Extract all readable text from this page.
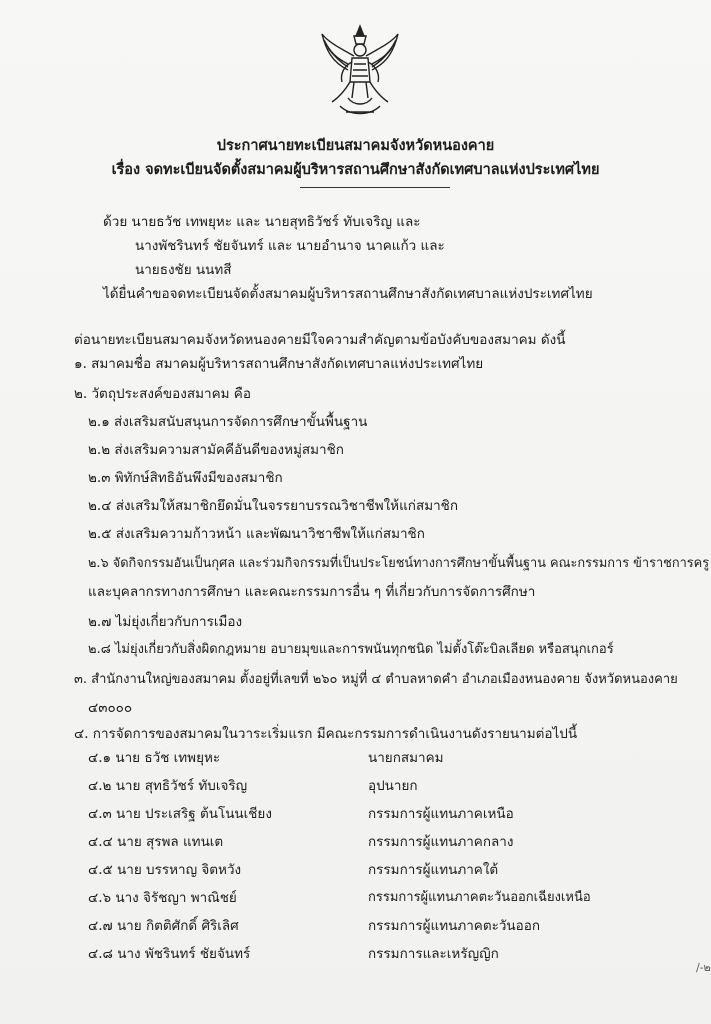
ประกาศนายทะเบียนสมาคมจังหวัดหนองคาย
เรื่อง จดทะเบียนจัดตั้งสมาคมผู้บริหารสถานศึกษาสังกัดเทศบาลแห่งประเทศไทย
ด้วย นายธวัช เทพยุหะ และ นายสุทธิวัชร์ ทับเจริญ และ
นางพัชรินทร์ ชัยจันทร์ และ นายอำนาจ นาคแก้ว และ
นายธงชัย นนทสี
ได้ยื่นคำขอจดทะเบียนจัดตั้งสมาคมผู้บริหารสถานศึกษาสังกัดเทศบาลแห่งประเทศไทย
ต่อนายทะเบียนสมาคมจังหวัดหนองคายมีใจความสำคัญตามข้อบังคับของสมาคม ดังนี้
๑. สมาคมชื่อ สมาคมผู้บริหารสถานศึกษาสังกัดเทศบาลแห่งประเทศไทย
๒. วัตถุประสงค์ของสมาคม คือ
๒.๑ ส่งเสริมสนับสนุนการจัดการศึกษาขั้นพื้นฐาน
๒.๒ ส่งเสริมความสามัคคีอันดีของหมู่สมาชิก
๒.๓ พิทักษ์สิทธิอันพึงมีของสมาชิก
๒.๔ ส่งเสริมให้สมาชิกยึดมั่นในจรรยาบรรณวิชาชีพให้แก่สมาชิก
๒.๕ ส่งเสริมความก้าวหน้า และพัฒนาวิชาชีพให้แก่สมาชิก
๒.๖ จัดกิจกรรมอันเป็นกุศล และร่วมกิจกรรมที่เป็นประโยชน์ทางการศึกษาขั้นพื้นฐาน คณะกรรมการ ข้าราชการครู
และบุคลากรทางการศึกษา และคณะกรรมการอื่น ๆ ที่เกี่ยวกับการจัดการศึกษา
๒.๗ ไม่ยุ่งเกี่ยวกับการเมือง
๒.๘ ไม่ยุ่งเกี่ยวกับสิ่งผิดกฎหมาย อบายมุขและการพนันทุกชนิด ไม่ตั้งโต๊ะบิลเลียด หรือสนุกเกอร์
๓. สำนักงานใหญ่ของสมาคม ตั้งอยู่ที่เลขที่ ๒๖๐ หมู่ที่ ๔ ตำบลหาดคำ อำเภอเมืองหนองคาย จังหวัดหนองคาย
๔๓๐๐๐
๔. การจัดการของสมาคมในวาระเริ่มแรก มีคณะกรรมการดำเนินงานดังรายนามต่อไปนี้
๔.๑ นาย ธวัช เทพยุหะ	นายกสมาคม
๔.๒ นาย สุทธิวัชร์ ทับเจริญ	อุปนายก
๔.๓ นาย ประเสริฐ ต้นโนนเชียง	กรรมการผู้แทนภาคเหนือ
๔.๔ นาย สุรพล แทนเต	กรรมการผู้แทนภาคกลาง
๔.๕ นาย บรรหาญ จิตหวัง	กรรมการผู้แทนภาคใต้
๔.๖ นาง จิรัชญา พาณิชย์	กรรมการผู้แทนภาคตะวันออกเฉียงเหนือ
๔.๗ นาย กิตติศักดิ์ ศิริเลิศ	กรรมการผู้แทนภาคตะวันออก
๔.๘ นาง พัชรินทร์ ชัยจันทร์	กรรมการและเหรัญญิก
/-๒
